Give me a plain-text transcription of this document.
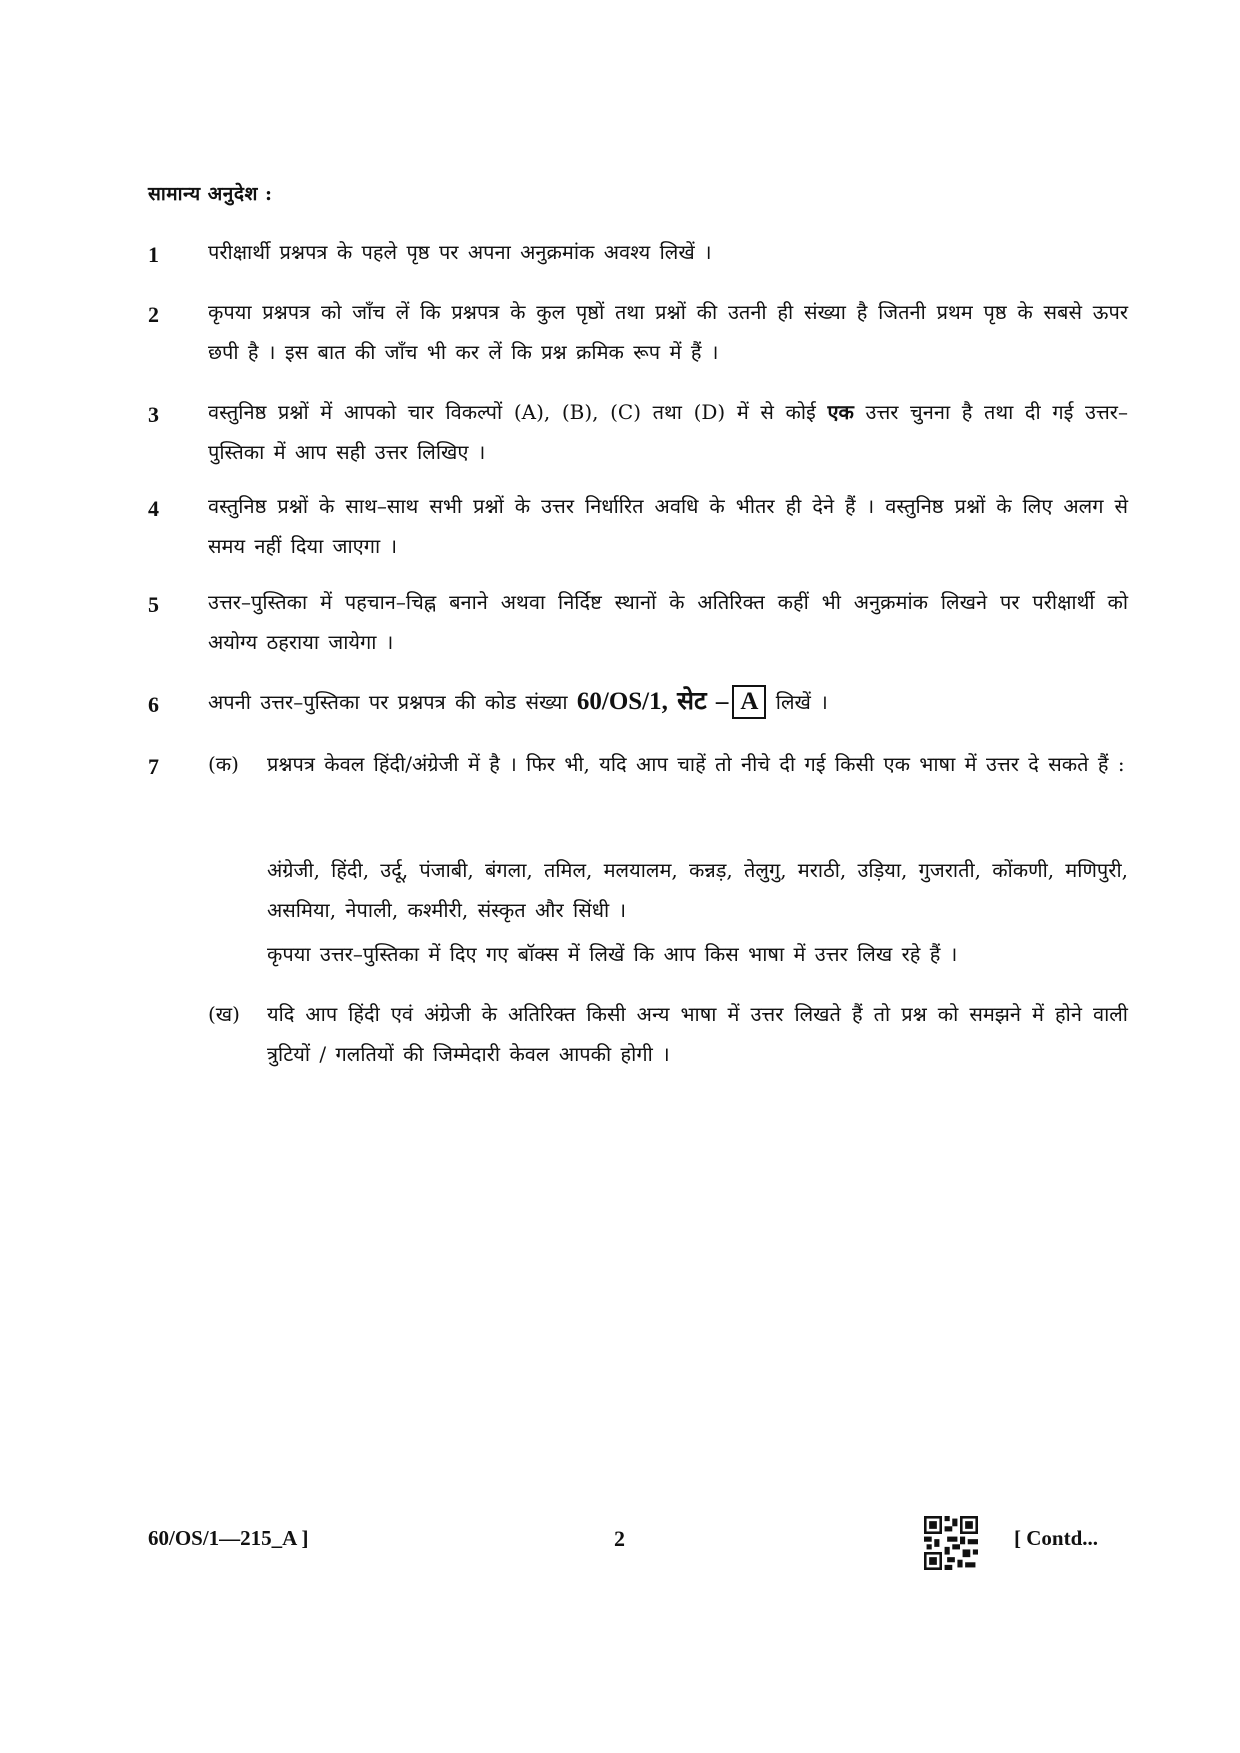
सामान्य अनुदेश :
1	परीक्षार्थी प्रश्नपत्र के पहले पृष्ठ पर अपना अनुक्रमांक अवश्य लिखें ।
2	कृपया प्रश्नपत्र को जाँच लें कि प्रश्नपत्र के कुल पृष्ठों तथा प्रश्नों की उतनी ही संख्या है जितनी प्रथम पृष्ठ के सबसे ऊपर छपी है । इस बात की जाँच भी कर लें कि प्रश्न क्रमिक रूप में हैं ।
3	वस्तुनिष्ठ प्रश्नों में आपको चार विकल्पों (A), (B), (C) तथा (D) में से कोई एक उत्तर चुनना है तथा दी गई उत्तर–पुस्तिका में आप सही उत्तर लिखिए ।
4	वस्तुनिष्ठ प्रश्नों के साथ–साथ सभी प्रश्नों के उत्तर निर्धारित अवधि के भीतर ही देने हैं । वस्तुनिष्ठ प्रश्नों के लिए अलग से समय नहीं दिया जाएगा ।
5	उत्तर–पुस्तिका में पहचान–चिह्न बनाने अथवा निर्दिष्ट स्थानों के अतिरिक्त कहीं भी अनुक्रमांक लिखने पर परीक्षार्थी को अयोग्य ठहराया जायेगा ।
6	अपनी उत्तर–पुस्तिका पर प्रश्नपत्र की कोड संख्या 60/OS/1, सेट – A लिखें ।
7	(क)	प्रश्नपत्र केवल हिंदी/अंग्रेजी में है । फिर भी, यदि आप चाहें तो नीचे दी गई किसी एक भाषा में उत्तर दे सकते हैं :

अंग्रेजी, हिंदी, उर्दू, पंजाबी, बंगला, तमिल, मलयालम, कन्नड़, तेलुगु, मराठी, उड़िया, गुजराती, कोंकणी, मणिपुरी, असमिया, नेपाली, कश्मीरी, संस्कृत और सिंधी ।

कृपया उत्तर–पुस्तिका में दिए गए बॉक्स में लिखें कि आप किस भाषा में उत्तर लिख रहे हैं ।

(ख)	यदि आप हिंदी एवं अंग्रेजी के अतिरिक्त किसी अन्य भाषा में उत्तर लिखते हैं तो प्रश्न को समझने में होने वाली त्रुटियों / गलतियों की जिम्मेदारी केवल आपकी होगी ।

60/OS/1—215_A ]	2	[ Contd...
